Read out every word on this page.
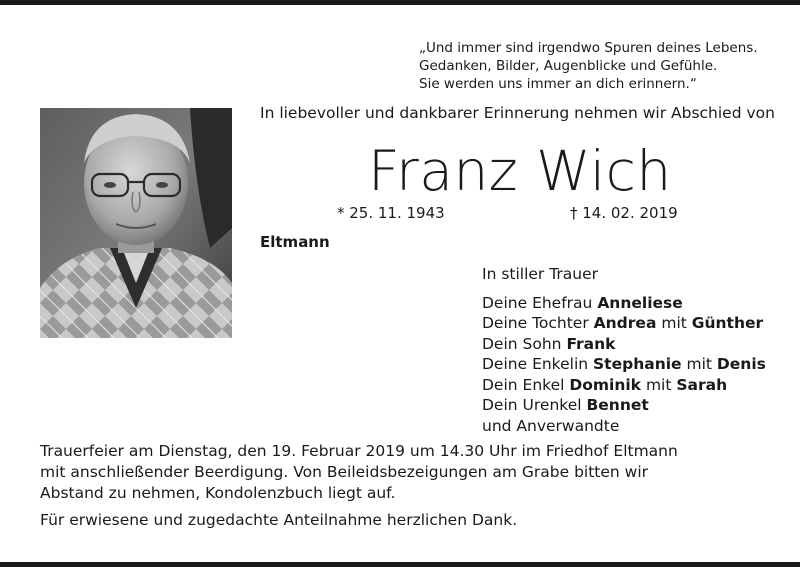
„Und immer sind irgendwo Spuren deines Lebens.
Gedanken, Bilder, Augenblicke und Gefühle.
Sie werden uns immer an dich erinnern.“
In liebevoller und dankbarer Erinnerung nehmen wir Abschied von
Franz Wich
* 25. 11. 1943	† 14. 02. 2019
Eltmann
In stiller Trauer
Deine Ehefrau Anneliese
Deine Tochter Andrea mit Günther
Dein Sohn Frank
Deine Enkelin Stephanie mit Denis
Dein Enkel Dominik mit Sarah
Dein Urenkel Bennet
und Anverwandte
Trauerfeier am Dienstag, den 19. Februar 2019 um 14.30 Uhr im Friedhof Eltmann
mit anschließender Beerdigung. Von Beileidsbezeigungen am Grabe bitten wir
Abstand zu nehmen, Kondolenzbuch liegt auf.
Für erwiesene und zugedachte Anteilnahme herzlichen Dank.
